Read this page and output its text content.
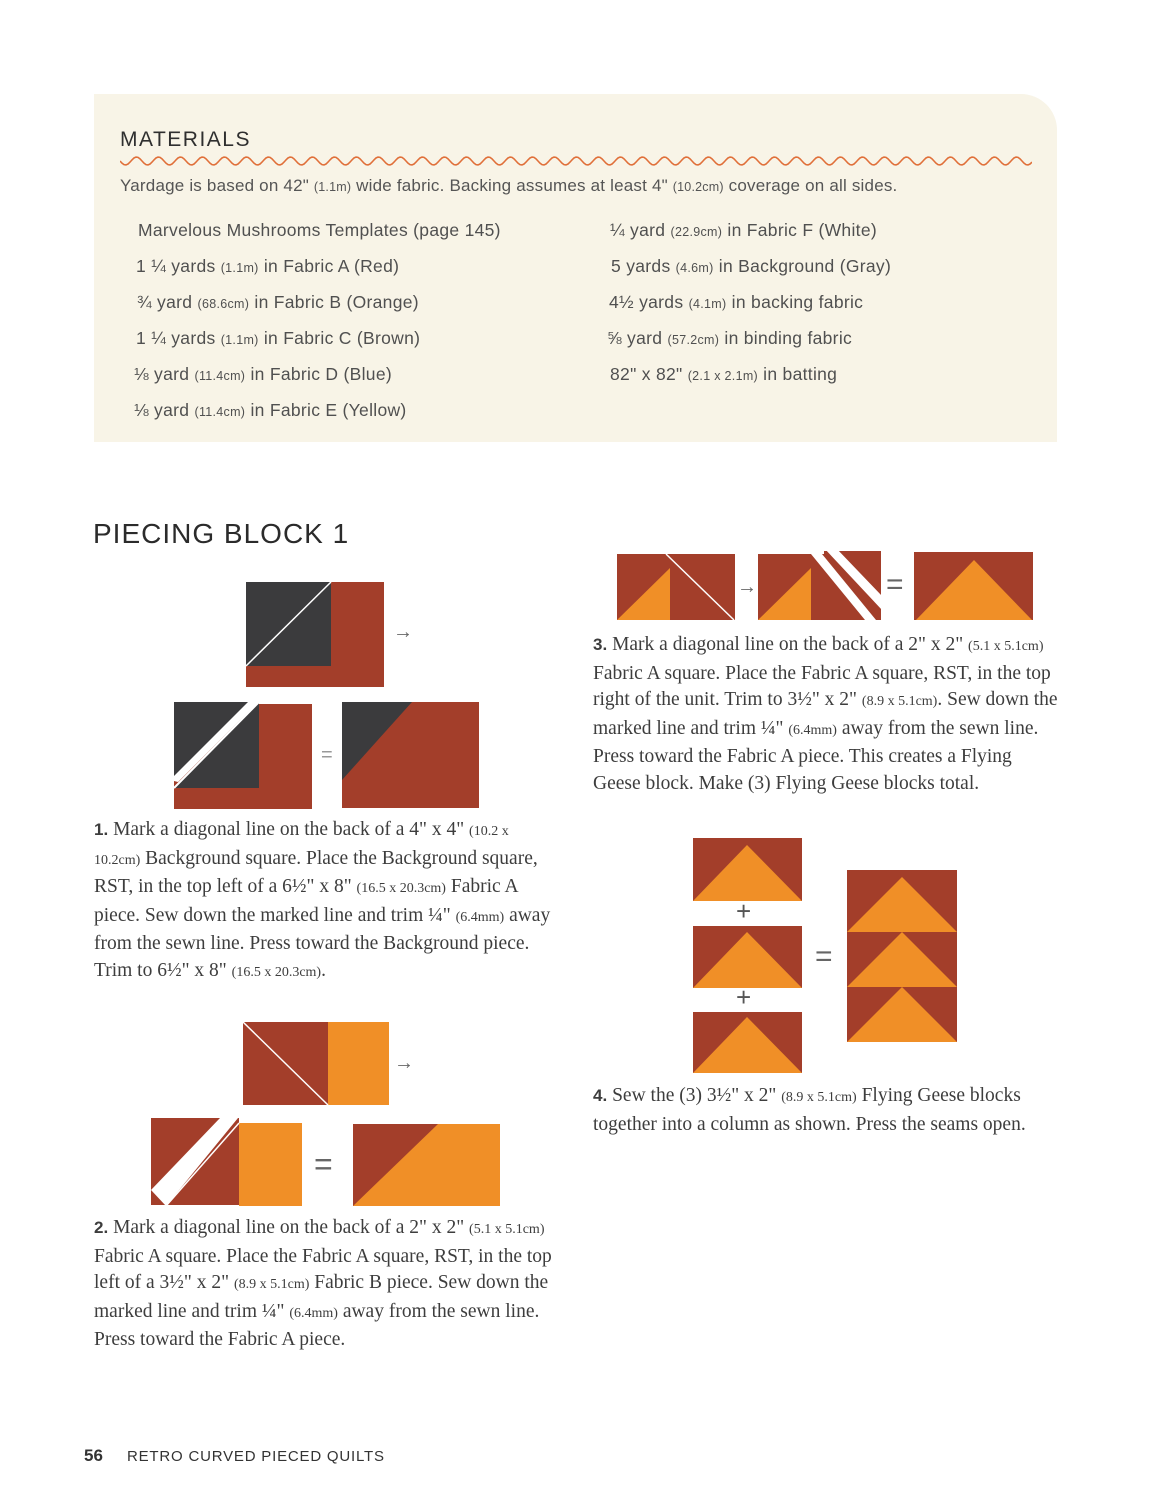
MATERIALS
Yardage is based on 42" (1.1m) wide fabric. Backing assumes at least 4" (10.2cm) coverage on all sides.
Marvelous Mushrooms Templates (page 145)
1 ¼ yards (1.1m) in Fabric A (Red)
¾ yard (68.6cm) in Fabric B (Orange)
1 ¼ yards (1.1m) in Fabric C (Brown)
⅛ yard (11.4cm) in Fabric D (Blue)
⅛ yard (11.4cm) in Fabric E (Yellow)
¼ yard (22.9cm) in Fabric F (White)
5 yards (4.6m) in Background (Gray)
4½ yards (4.1m) in backing fabric
⅝ yard (57.2cm) in binding fabric
82" x 82" (2.1 x 2.1m) in batting
PIECING BLOCK 1
→
=
1. Mark a diagonal line on the back of a 4" x 4" (10.2 x 10.2cm) Background square. Place the Background square, RST, in the top left of a 6½" x 8" (16.5 x 20.3cm) Fabric A piece. Sew down the marked line and trim ¼" (6.4mm) away from the sewn line. Press toward the Background piece. Trim to 6½" x 8" (16.5 x 20.3cm).
→
=
2. Mark a diagonal line on the back of a 2" x 2" (5.1 x 5.1cm) Fabric A square. Place the Fabric A square, RST, in the top left of a 3½" x 2" (8.9 x 5.1cm) Fabric B piece. Sew down the marked line and trim ¼" (6.4mm) away from the sewn line. Press toward the Fabric A piece.
→	=
3. Mark a diagonal line on the back of a 2" x 2" (5.1 x 5.1cm) Fabric A square. Place the Fabric A square, RST, in the top right of the unit. Trim to 3½" x 2" (8.9 x 5.1cm). Sew down the marked line and trim ¼" (6.4mm) away from the sewn line. Press toward the Fabric A piece. This creates a Flying Geese block. Make (3) Flying Geese blocks total.
+
+
=
4. Sew the (3) 3½" x 2" (8.9 x 5.1cm) Flying Geese blocks together into a column as shown. Press the seams open.
56 RETRO CURVED PIECED QUILTS
